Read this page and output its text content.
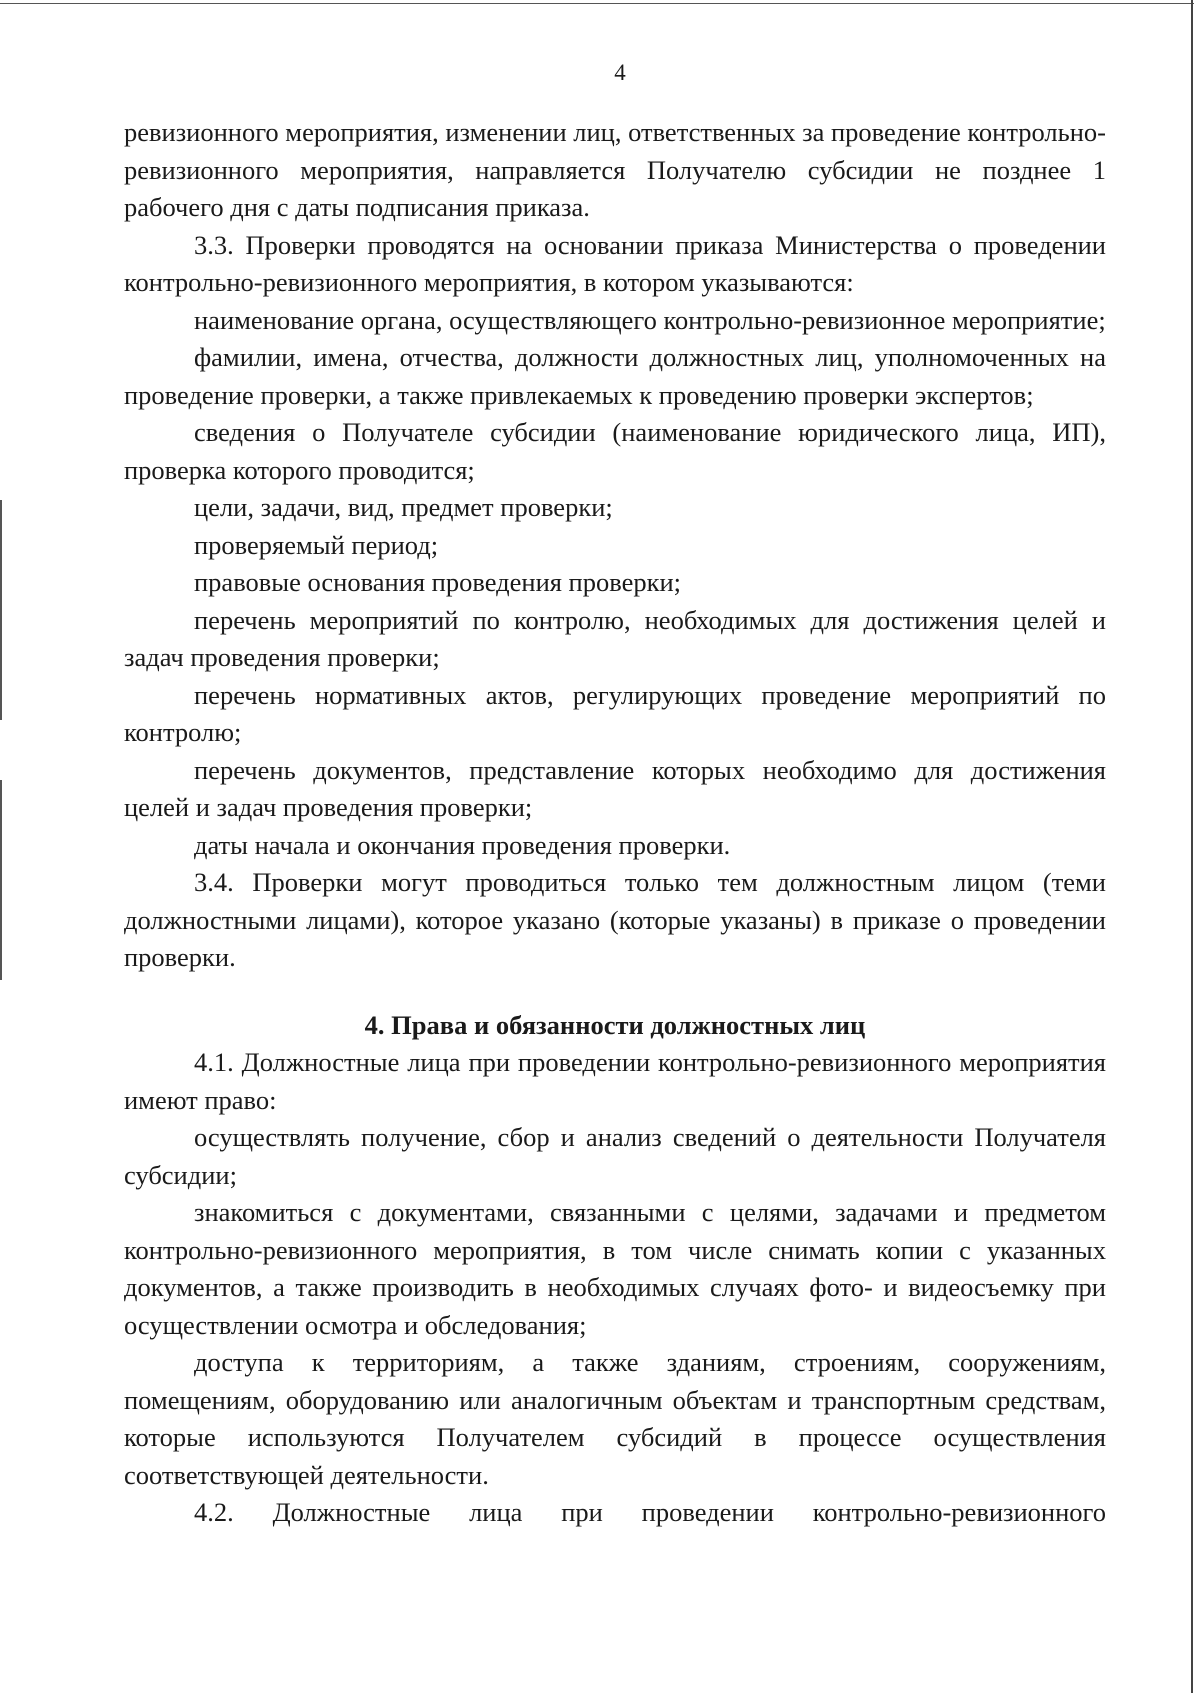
4

ревизионного мероприятия, изменении лиц, ответственных за проведение контрольно-ревизионного мероприятия, направляется Получателю субсидии не позднее 1 рабочего дня с даты подписания приказа.

3.3. Проверки проводятся на основании приказа Министерства о проведении контрольно-ревизионного мероприятия, в котором указываются:

наименование органа, осуществляющего контрольно-ревизионное мероприятие;

фамилии, имена, отчества, должности должностных лиц, уполномоченных на проведение проверки, а также привлекаемых к проведению проверки экспертов;

сведения о Получателе субсидии (наименование юридического лица, ИП), проверка которого проводится;

цели, задачи, вид, предмет проверки;

проверяемый период;

правовые основания проведения проверки;

перечень мероприятий по контролю, необходимых для достижения целей и задач проведения проверки;

перечень нормативных актов, регулирующих проведение мероприятий по контролю;

перечень документов, представление которых необходимо для достижения целей и задач проведения проверки;

даты начала и окончания проведения проверки.

3.4. Проверки могут проводиться только тем должностным лицом (теми должностными лицами), которое указано (которые указаны) в приказе о проведении проверки.

4. Права и обязанности должностных лиц

4.1. Должностные лица при проведении контрольно-ревизионного мероприятия имеют право:

осуществлять получение, сбор и анализ сведений о деятельности Получателя субсидии;

знакомиться с документами, связанными с целями, задачами и предметом контрольно-ревизионного мероприятия, в том числе снимать копии с указанных документов, а также производить в необходимых случаях фото- и видеосъемку при осуществлении осмотра и обследования;

доступа к территориям, а также зданиям, строениям, сооружениям, помещениям, оборудованию или аналогичным объектам и транспортным средствам, которые используются Получателем субсидий в процессе осуществления соответствующей деятельности.

4.2. Должностные лица при проведении контрольно-ревизионного
